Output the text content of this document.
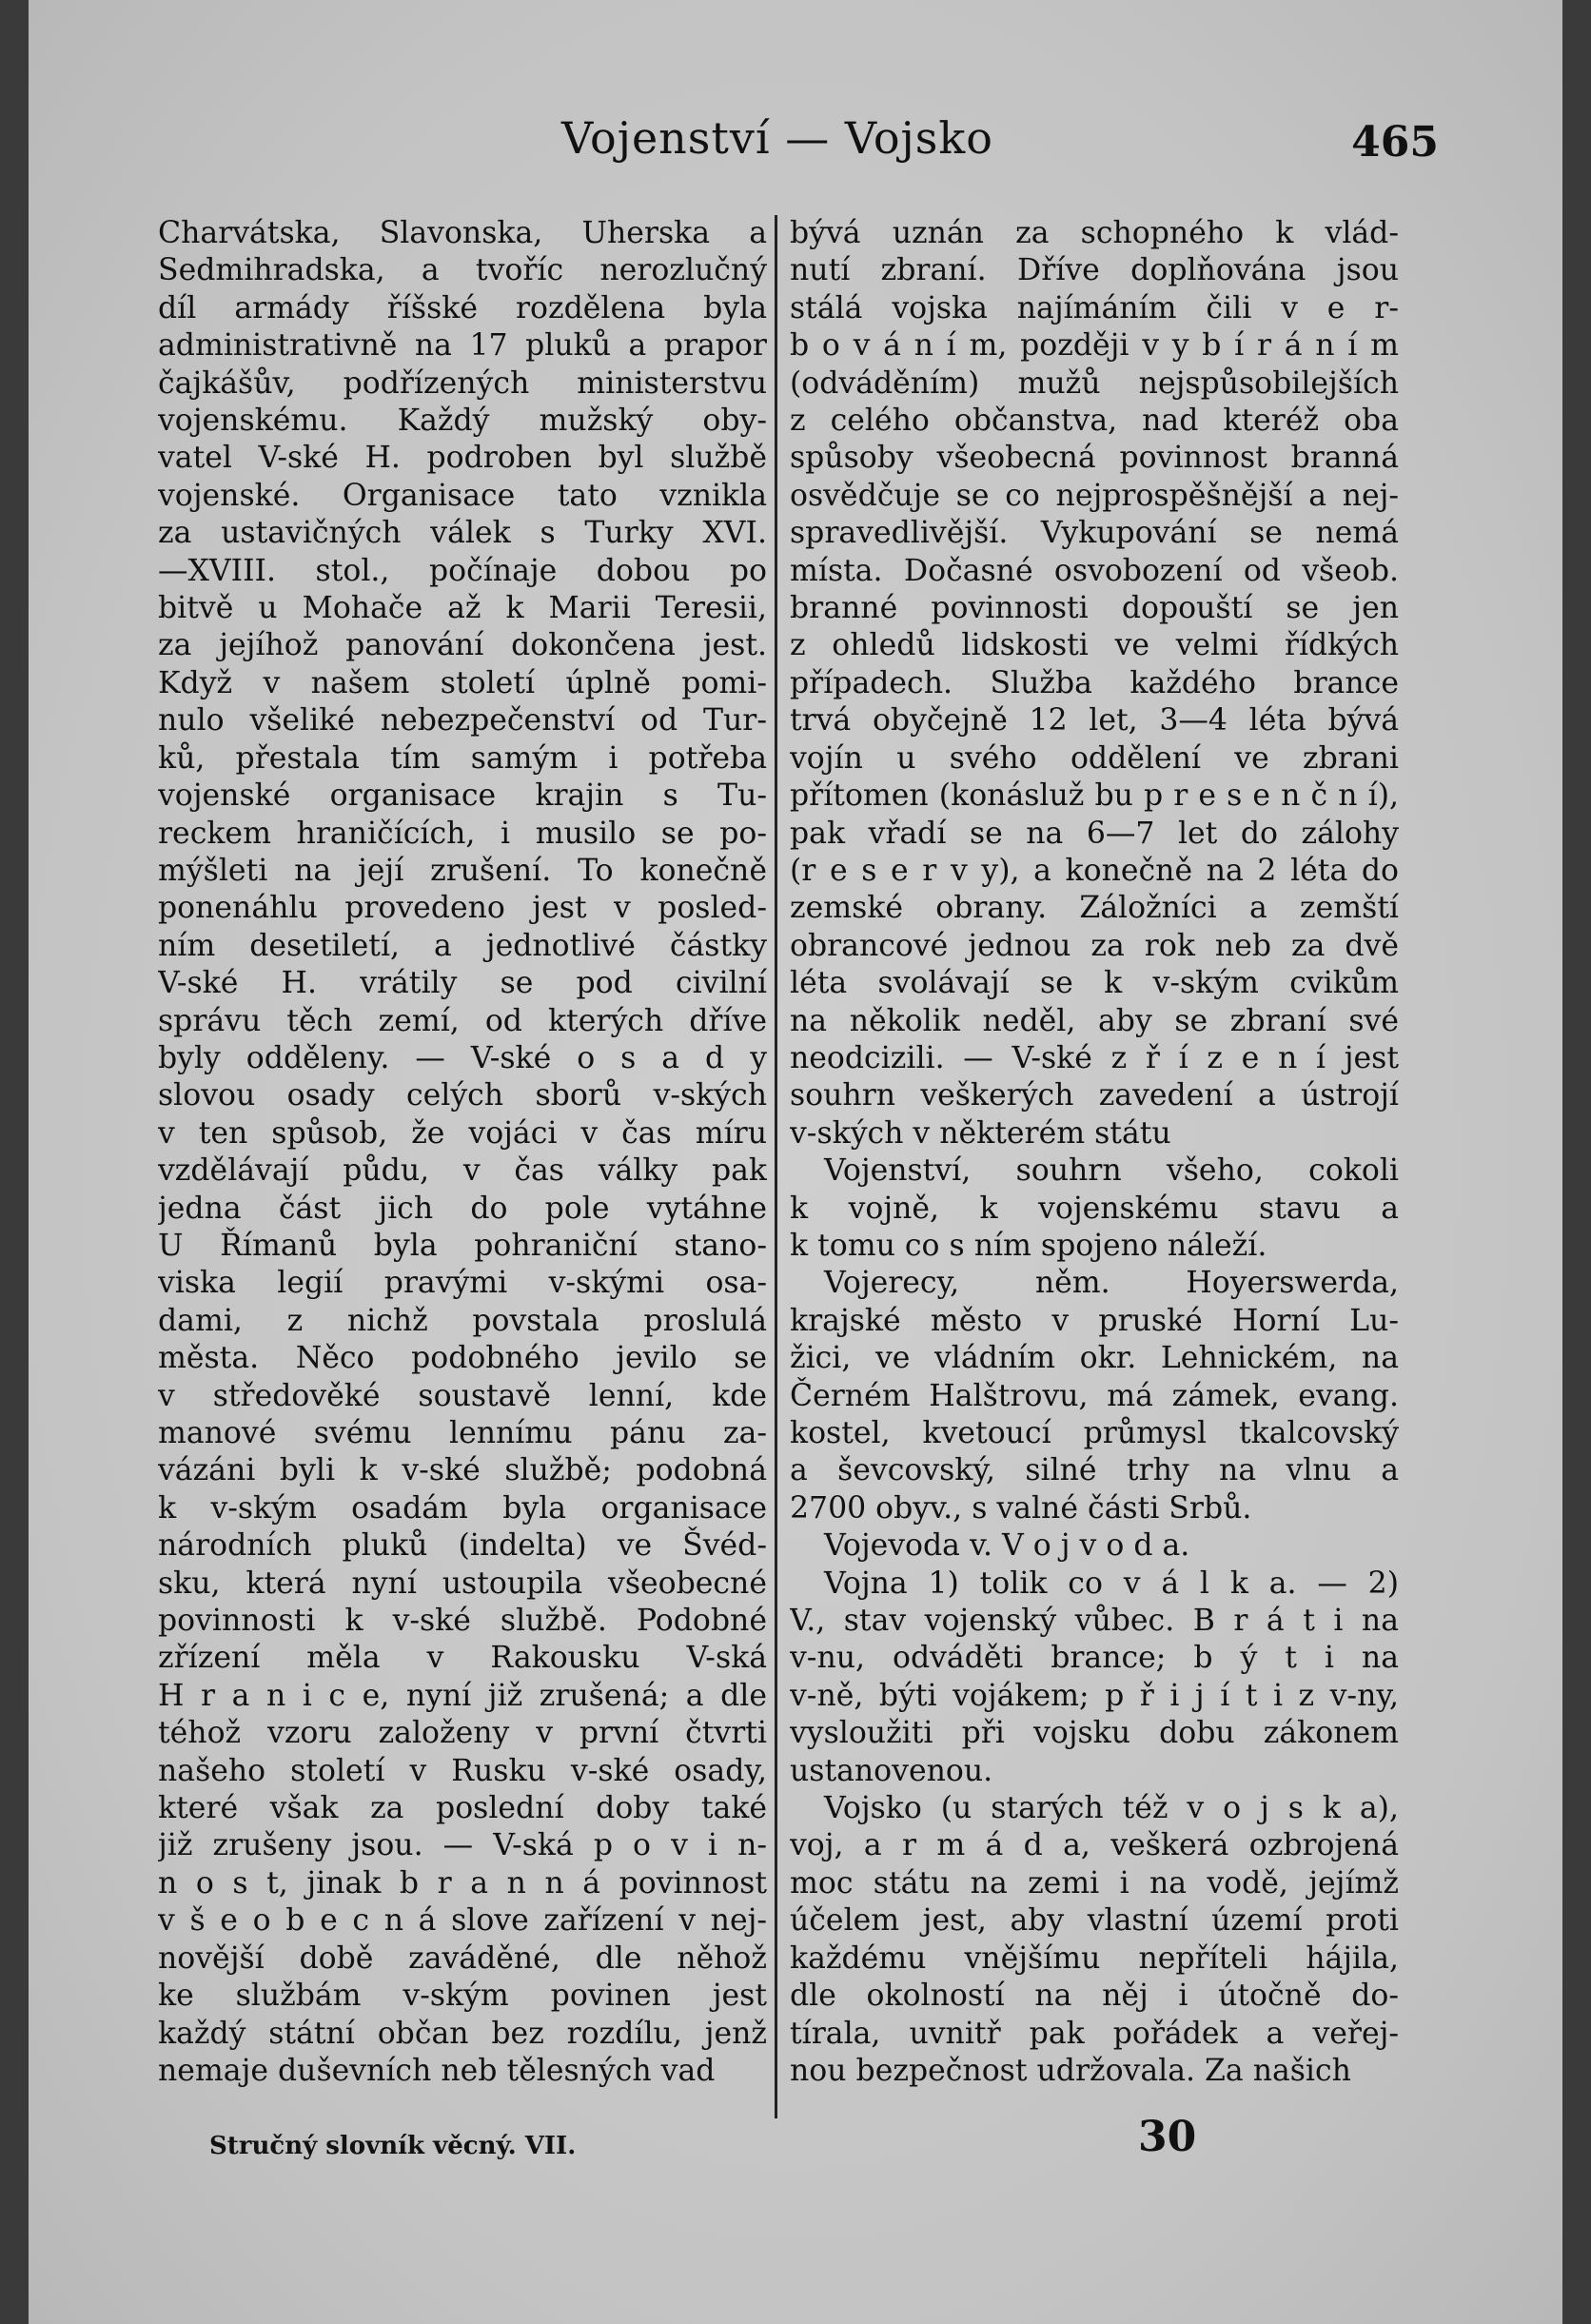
Vojenství — Vojsko	465
Charvátska, Slavonska, Uherska a
Sedmihradska, a tvoříc nerozlučný
díl armády říšské rozdělena byla
administrativně na 17 pluků a prapor
čajkášův, podřízených ministerstvu
vojenskému. Každý mužský oby-
vatel V-ské H. podroben byl službě
vojenské. Organisace tato vznikla
za ustavičných válek s Turky XVI.
—XVIII. stol., počínaje dobou po
bitvě u Mohače až k Marii Teresii,
za jejíhož panování dokončena jest.
Když v našem století úplně pomi-
nulo všeliké nebezpečenství od Tur-
ků, přestala tím samým i potřeba
vojenské organisace krajin s Tu-
reckem hraničících, i musilo se po-
mýšleti na její zrušení. To konečně
ponenáhlu provedeno jest v posled-
ním desetiletí, a jednotlivé částky
V-ské H. vrátily se pod civilní
správu těch zemí, od kterých dříve
byly odděleny. — V-ské o s a d y
slovou osady celých sborů v-ských
v ten spůsob, že vojáci v čas míru
vzdělávají půdu, v čas války pak
jedna část jich do pole vytáhne
U Římanů byla pohraniční stano-
viska legií pravými v-skými osa-
dami, z nichž povstala proslulá
města. Něco podobného jevilo se
v středověké soustavě lenní, kde
manové svému lennímu pánu za-
vázáni byli k v-ské službě; podobná
k v-ským osadám byla organisace
národních pluků (indelta) ve Švéd-
sku, která nyní ustoupila všeobecné
povinnosti k v-ské službě. Podobné
zřízení měla v Rakousku V-ská
H r a n i c e, nyní již zrušená; a dle
téhož vzoru založeny v první čtvrti
našeho století v Rusku v-ské osady,
které však za poslední doby také
již zrušeny jsou. — V-ská p o v i n-
n o s t, jinak b r a n n á povinnost
v š e o b e c n á slove zařízení v nej-
novější době zaváděné, dle něhož
ke službám v-ským povinen jest
každý státní občan bez rozdílu, jenž
nemaje duševních neb tělesných vad
bývá uznán za schopného k vlád-
nutí zbraní. Dříve doplňována jsou
stálá vojska najímáním čili v e r-
b o v á n í m, později v y b í r á n í m
(odváděním) mužů nejspůsobilejších
z celého občanstva, nad kteréž oba
spůsoby všeobecná povinnost branná
osvědčuje se co nejprospěšnější a nej-
spravedlivější. Vykupování se nemá
místa. Dočasné osvobození od všeob.
branné povinnosti dopouští se jen
z ohledů lidskosti ve velmi řídkých
případech. Služba každého brance
trvá obyčejně 12 let, 3—4 léta bývá
vojín u svého oddělení ve zbrani
přítomen (konásluž bu p r e s e n č n í),
pak vřadí se na 6—7 let do zálohy
(r e s e r v y), a konečně na 2 léta do
zemské obrany. Záložníci a zemští
obrancové jednou za rok neb za dvě
léta svolávají se k v-ským cvikům
na několik neděl, aby se zbraní své
neodcizili. — V-ské z ř í z e n í jest
souhrn veškerých zavedení a ústrojí
v-ských v některém státu
Vojenství, souhrn všeho, cokoli
k vojně, k vojenskému stavu a
k tomu co s ním spojeno náleží.
Vojerecy, něm. Hoyerswerda,
krajské město v pruské Horní Lu-
žici, ve vládním okr. Lehnickém, na
Černém Halštrovu, má zámek, evang.
kostel, kvetoucí průmysl tkalcovský
a ševcovský, silné trhy na vlnu a
2700 obyv., s valné části Srbů.
Vojevoda v. V o j v o d a.
Vojna 1) tolik co v á l k a. — 2)
V., stav vojenský vůbec. B r á t i na
v-nu, odváděti brance; b ý t i na
v-ně, býti vojákem; p ř i j í t i z v-ny,
vysloužiti při vojsku dobu zákonem
ustanovenou.
Vojsko (u starých též v o j s k a),
voj, a r m á d a, veškerá ozbrojená
moc státu na zemi i na vodě, jejímž
účelem jest, aby vlastní území proti
každému vnějšímu nepříteli hájila,
dle okolností na něj i útočně do-
tírala, uvnitř pak pořádek a veřej-
nou bezpečnost udržovala. Za našich
Stručný slovník věcný. VII.	30
